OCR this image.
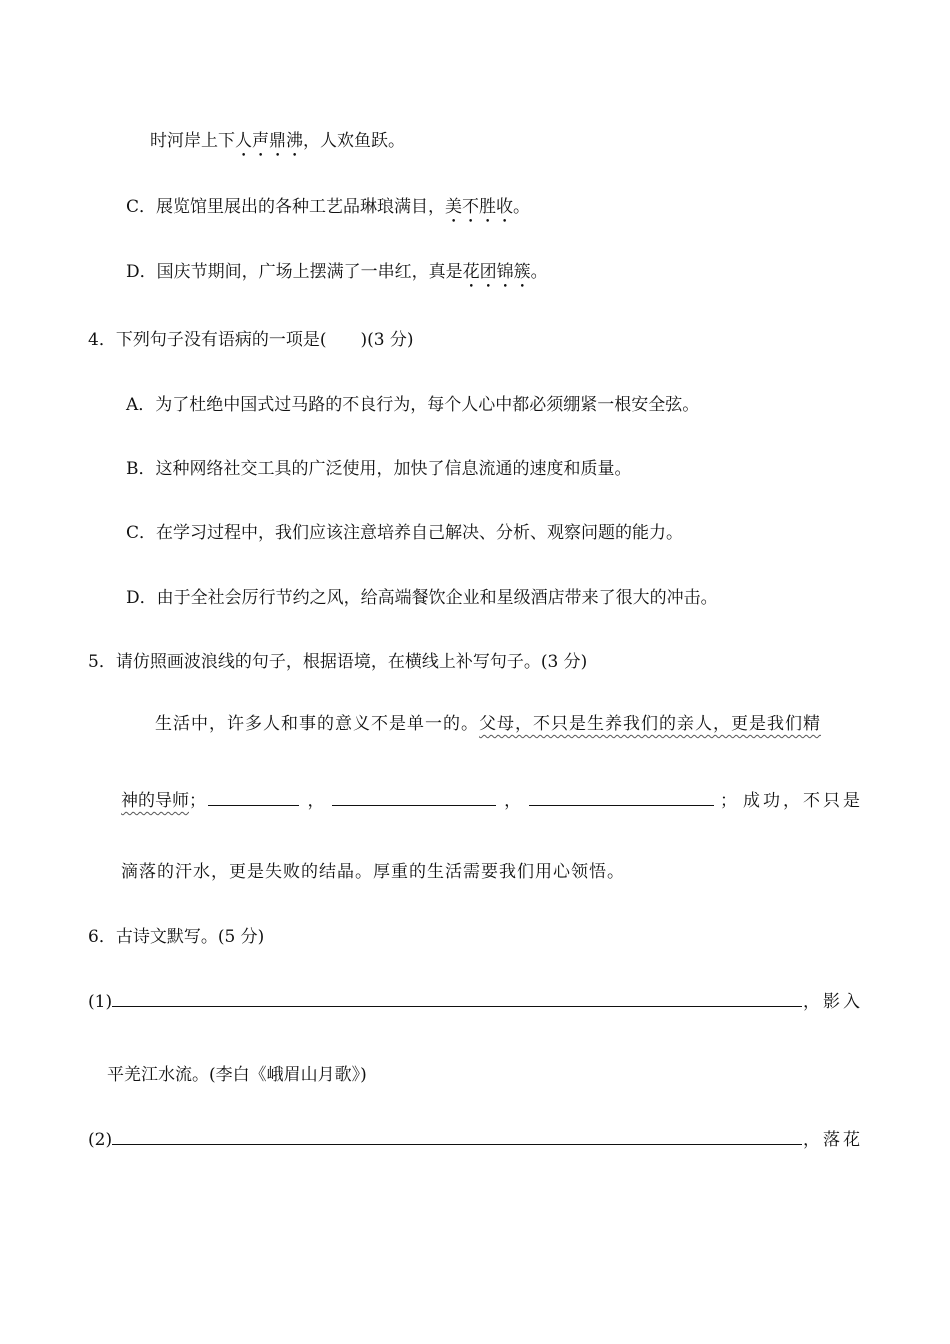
时河岸上下人声鼎沸，人欢鱼跃。
C．展览馆里展出的各种工艺品琳琅满目，美不胜收。
D．国庆节期间，广场上摆满了一串红，真是花团锦簇。
4．下列句子没有语病的一项是(　　)(3 分)
A．为了杜绝中国式过马路的不良行为，每个人心中都必须绷紧一根安全弦。
B．这种网络社交工具的广泛使用，加快了信息流通的速度和质量。
C．在学习过程中，我们应该注意培养自己解决、分析、观察问题的能力。
D．由于全社会厉行节约之风，给高端餐饮企业和星级酒店带来了很大的冲击。
5．请仿照画波浪线的句子，根据语境，在横线上补写句子。(3 分)
生活中，许多人和事的意义不是单一的。父母，不只是生养我们的亲人，更是我们精
神的导师 ；	，	，	； 成功，不只是
滴落的汗水，更是失败的结晶。厚重的生活需要我们用心领悟。
6．古诗文默写。(5 分)
(1)	，影入
平羌江水流。(李白《峨眉山月歌》)
(2)	，落花
